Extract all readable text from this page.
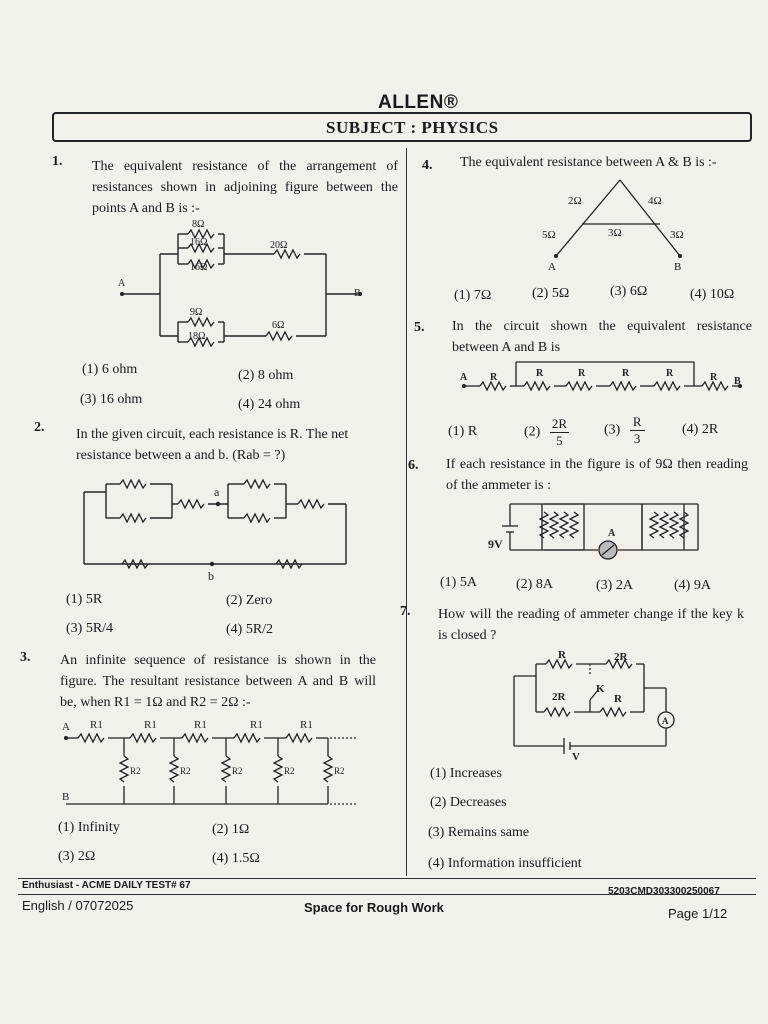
ALLEN®
SUBJECT : PHYSICS
1. The equivalent resistance of the arrangement of resistances shown in adjoining figure between the points A and B is :-
8Ω
16Ω
16Ω
20Ω
9Ω
18Ω
6Ω
A
B
(1) 6 ohm	(2) 8 ohm
(3) 16 ohm	(4) 24 ohm
2. In the given circuit, each resistance is R. The net resistance between a and b. (Rab = ?)
a
b
(1) 5R	(2) Zero
(3) 5R/4	(4) 5R/2
3. An infinite sequence of resistance is shown in the figure. The resultant resistance between A and B will be, when R1 = 1Ω and R2 = 2Ω :-
A
B
R1	R1	R1	R1	R1
R2	R2	R2	R2	R2
(1) Infinity	(2) 1Ω
(3) 2Ω	(4) 1.5Ω
4. The equivalent resistance between A & B is :-
2Ω	4Ω
5Ω	3Ω	3Ω
A	B
(1) 7Ω	(2) 5Ω	(3) 6Ω	(4) 10Ω
5. In the circuit shown the equivalent resistance between A and B is
A	B
R	R	R	R	R	R
(1) R	$(2) \frac{2R}{5}$	$(3) \frac{R}{3}$	(4) 2R
6. If each resistance in the figure is of 9Ω then reading of the ammeter is :
A
9V
(1) 5A	(2) 8A	(3) 2A	(4) 9A
7. How will the reading of ammeter change if the key k is closed ?
A
R	2R
2R	R
K
V
(1) Increases
(2) Decreases
(3) Remains same
(4) Information insufficient
Enthusiast - ACME DAILY TEST# 67
5203CMD303300250067
English / 07072025	Space for Rough Work	Page 1/12
